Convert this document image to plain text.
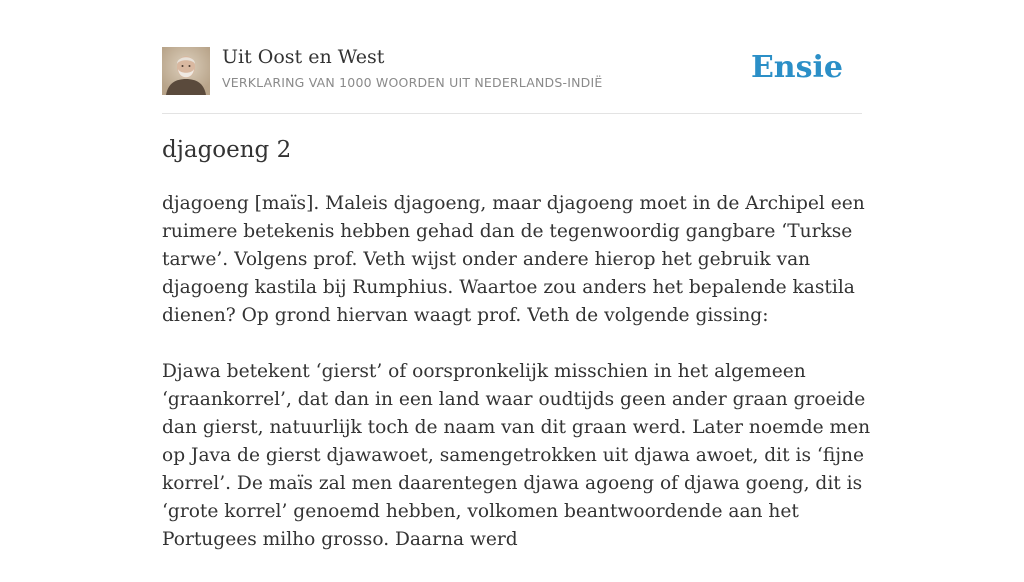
Uit Oost en West
VERKLARING VAN 1000 WOORDEN UIT NEDERLANDS-INDIË	Ensie
djagoeng 2

djagoeng [maïs]. Maleis djagoeng, maar djagoeng moet in de Archipel een ruimere betekenis hebben gehad dan de tegenwoordig gangbare ‘Turkse tarwe’. Volgens prof. Veth wijst onder andere hierop het gebruik van djagoeng kastila bij Rumphius. Waartoe zou anders het bepalende kastila dienen? Op grond hiervan waagt prof. Veth de volgende gissing:

Djawa betekent ‘gierst’ of oorspronkelijk misschien in het algemeen ‘graankorrel’, dat dan in een land waar oudtijds geen ander graan groeide dan gierst, natuurlijk toch de naam van dit graan werd. Later noemde men op Java de gierst djawawoet, samengetrokken uit djawa awoet, dit is ‘fijne korrel’. De maïs zal men daarentegen djawa agoeng of djawa goeng, dit is ‘grote korrel’ genoemd hebben, volkomen beantwoordende aan het Portugees milho grosso. Daarna werd
